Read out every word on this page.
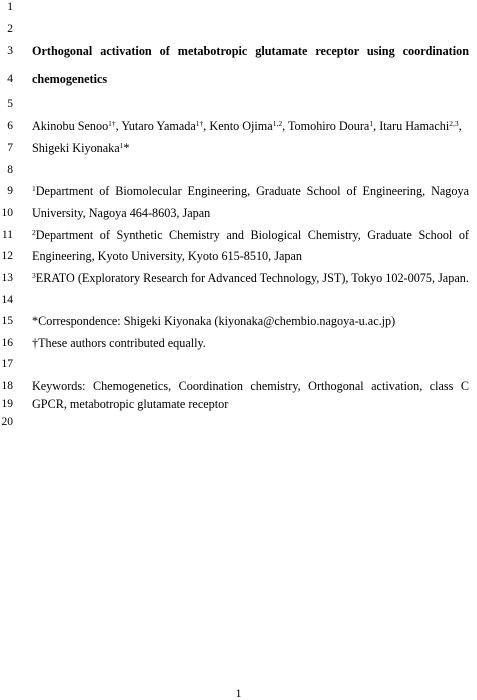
1
2
3
4
5
6
7
8
9
10
11
12
13
14
15
16
17
18
19
20
Orthogonal activation of metabotropic glutamate receptor using coordination
chemogenetics
Akinobu Senoo$^{1\dagger}$, Yutaro Yamada$^{1\dagger}$, Kento Ojima$^{1,2}$, Tomohiro Doura$^1$, Itaru Hamachi$^{2,3}$,
Shigeki Kiyonaka$^1$*
$^1$Department of Biomolecular Engineering, Graduate School of Engineering, Nagoya
University, Nagoya 464-8603, Japan
$^2$Department of Synthetic Chemistry and Biological Chemistry, Graduate School of
Engineering, Kyoto University, Kyoto 615-8510, Japan
$^3$ERATO (Exploratory Research for Advanced Technology, JST), Tokyo 102-0075, Japan.
*Correspondence: Shigeki Kiyonaka (kiyonaka@chembio.nagoya-u.ac.jp)
†These authors contributed equally.
Keywords: Chemogenetics, Coordination chemistry, Orthogonal activation, class C
GPCR, metabotropic glutamate receptor
1
